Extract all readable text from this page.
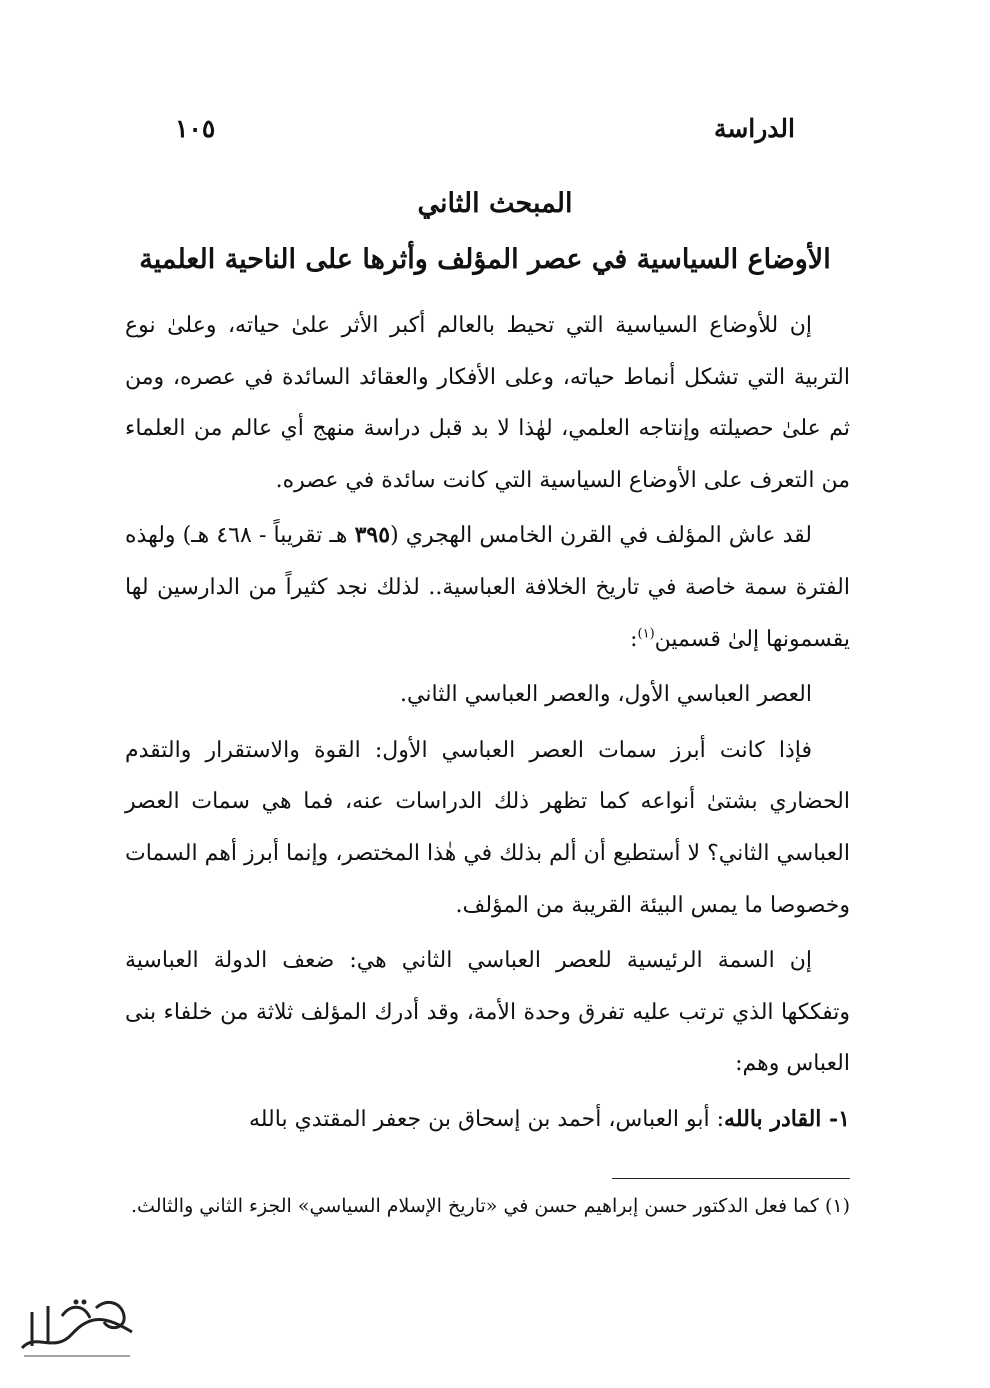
الدراسة
١٠٥
المبحث الثاني
الأوضاع السياسية في عصر المؤلف وأثرها على الناحية العلمية

إن للأوضاع السياسية التي تحيط بالعالم أكبر الأثر علىٰ حياته، وعلىٰ نوع التربية التي تشكل أنماط حياته، وعلى الأفكار والعقائد السائدة في عصره، ومن ثم علىٰ حصيلته وإنتاجه العلمي، لهٰذا لا بد قبل دراسة منهج أي عالم من العلماء من التعرف على الأوضاع السياسية التي كانت سائدة في عصره.

لقد عاش المؤلف في القرن الخامس الهجري (٣٩٥ هـ تقريباً - ٤٦٨ هـ) ولهذه الفترة سمة خاصة في تاريخ الخلافة العباسية.. لذلك نجد كثيراً من الدارسين لها يقسمونها إلىٰ قسمين$^{(١)}$:

العصر العباسي الأول، والعصر العباسي الثاني.

فإذا كانت أبرز سمات العصر العباسي الأول: القوة والاستقرار والتقدم الحضاري بشتىٰ أنواعه كما تظهر ذلك الدراسات عنه، فما هي سمات العصر العباسي الثاني؟ لا أستطيع أن ألم بذلك في هٰذا المختصر، وإنما أبرز أهم السمات وخصوصا ما يمس البيئة القريبة من المؤلف.

إن السمة الرئيسية للعصر العباسي الثاني هي: ضعف الدولة العباسية وتفككها الذي ترتب عليه تفرق وحدة الأمة، وقد أدرك المؤلف ثلاثة من خلفاء بنى العباس وهم:

١- القادر بالله: أبو العباس، أحمد بن إسحاق بن جعفر المقتدي بالله

(١) كما فعل الدكتور حسن إبراهيم حسن في «تاريخ الإسلام السياسي» الجزء الثاني والثالث.
